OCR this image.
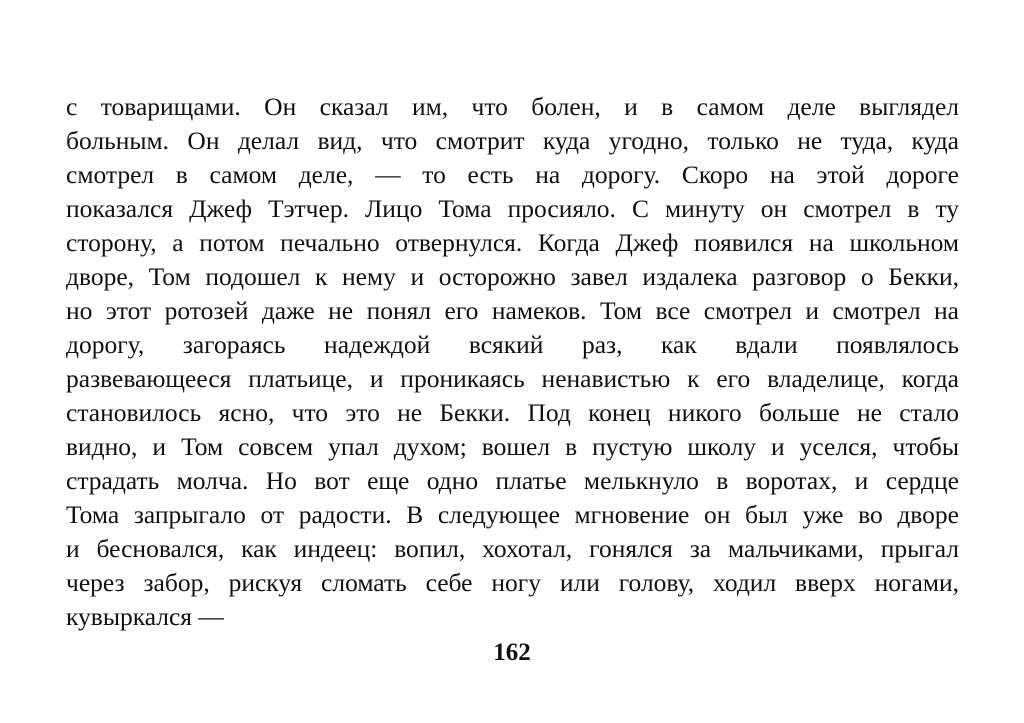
с товарищами. Он сказал им, что болен, и в самом деле выглядел
больным. Он делал вид, что смотрит куда угодно, только не туда, куда
смотрел в самом деле, — то есть на дорогу. Скоро на этой дороге
показался Джеф Тэтчер. Лицо Тома просияло. С минуту он смотрел в ту
сторону, а потом печально отвернулся. Когда Джеф появился на школьном
дворе, Том подошел к нему и осторожно завел издалека разговор о Бекки,
но этот ротозей даже не понял его намеков. Том все смотрел и смотрел на
дорогу, загораясь надеждой всякий раз, как вдали появлялось
развевающееся платьице, и проникаясь ненавистью к его владелице, когда
становилось ясно, что это не Бекки. Под конец никого больше не стало
видно, и Том совсем упал духом; вошел в пустую школу и уселся, чтобы
страдать молча. Но вот еще одно платье мелькнуло в воротах, и сердце
Тома запрыгало от радости. В следующее мгновение он был уже во дворе
и бесновался, как индеец: вопил, хохотал, гонялся за мальчиками, прыгал
через забор, рискуя сломать себе ногу или голову, ходил вверх ногами,
кувыркался —
162
